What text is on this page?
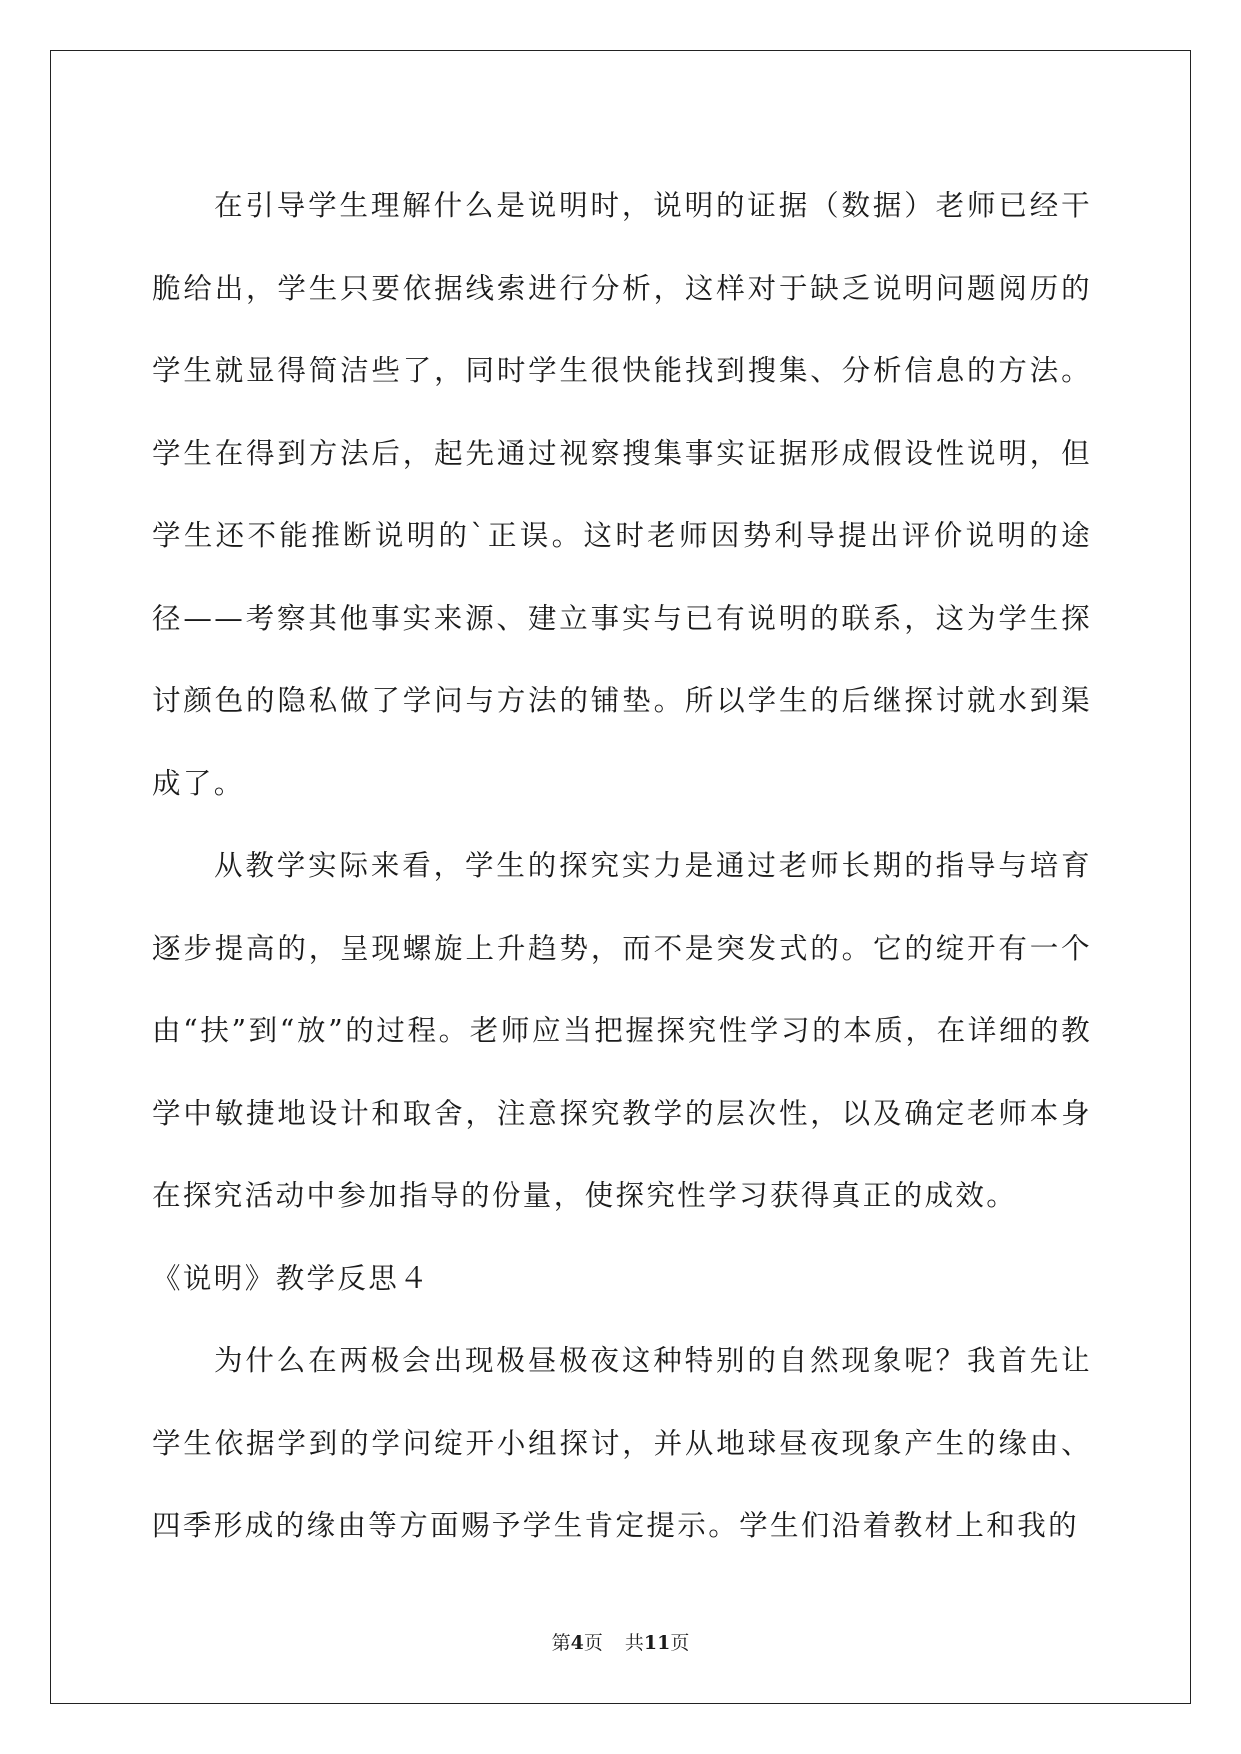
在引导学生理解什么是说明时，说明的证据（数据）老师已经干脆给出，学生只要依据线索进行分析，这样对于缺乏说明问题阅历的学生就显得简洁些了，同时学生很快能找到搜集、分析信息的方法。学生在得到方法后，起先通过视察搜集事实证据形成假设性说明，但学生还不能推断说明的`正误。这时老师因势利导提出评价说明的途径——考察其他事实来源、建立事实与已有说明的联系，这为学生探讨颜色的隐私做了学问与方法的铺垫。所以学生的后继探讨就水到渠成了。

从教学实际来看，学生的探究实力是通过老师长期的指导与培育逐步提高的，呈现螺旋上升趋势，而不是突发式的。它的绽开有一个由“扶”到“放”的过程。老师应当把握探究性学习的本质，在详细的教学中敏捷地设计和取舍，注意探究教学的层次性，以及确定老师本身在探究活动中参加指导的份量，使探究性学习获得真正的成效。

《说明》教学反思４

为什么在两极会出现极昼极夜这种特别的自然现象呢？我首先让学生依据学到的学问绽开小组探讨，并从地球昼夜现象产生的缘由、四季形成的缘由等方面赐予学生肯定提示。学生们沿着教材上和我的

第4页 共11页
